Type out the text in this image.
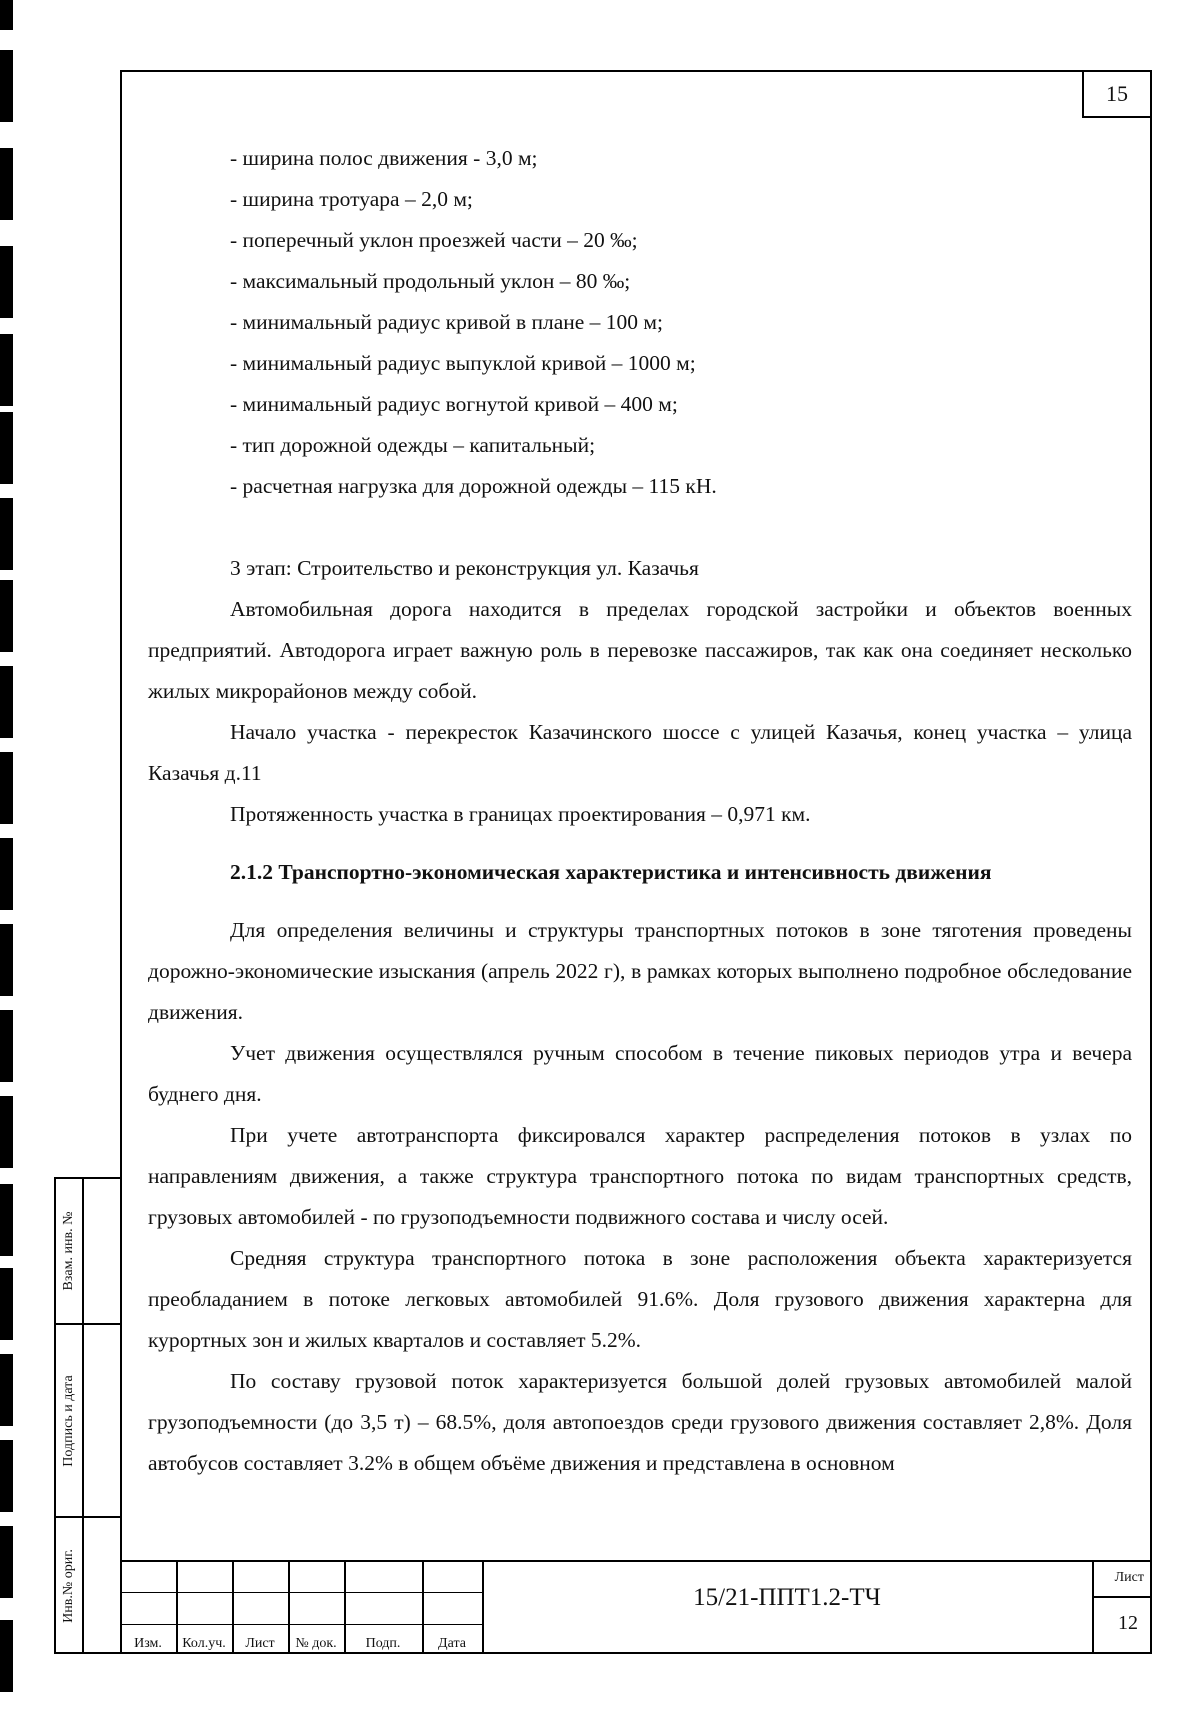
15

- ширина полос движения - 3,0 м;

- ширина тротуара – 2,0 м;

- поперечный уклон проезжей части – 20 ‰;

- максимальный продольный уклон – 80 ‰;

- минимальный радиус кривой в плане – 100 м;

- минимальный радиус выпуклой кривой – 1000 м;

- минимальный радиус вогнутой кривой – 400 м;

- тип дорожной одежды – капитальный;

- расчетная нагрузка для дорожной одежды – 115 кН.

3 этап: Строительство и реконструкция ул. Казачья

Автомобильная дорога находится в пределах городской застройки и объектов военных предприятий. Автодорога играет важную роль в перевозке пассажиров, так как она соединяет несколько жилых микрорайонов между собой.

Начало участка - перекресток Казачинского шоссе с улицей Казачья, конец участка – улица Казачья д.11

Протяженность участка в границах проектирования – 0,971 км.

2.1.2 Транспортно-экономическая характеристика и интенсивность движения

Для определения величины и структуры транспортных потоков в зоне тяготения проведены дорожно-экономические изыскания (апрель 2022 г), в рамках которых выполнено подробное обследование движения.

Учет движения осуществлялся ручным способом в течение пиковых периодов утра и вечера буднего дня.

При учете автотранспорта фиксировался характер распределения потоков в узлах по направлениям движения, а также структура транспортного потока по видам транспортных средств, грузовых автомобилей - по грузоподъемности подвижного состава и числу осей.

Средняя структура транспортного потока в зоне расположения объекта характеризуется преобладанием в потоке легковых автомобилей 91.6%. Доля грузового движения характерна для курортных зон и жилых кварталов и составляет 5.2%.

По составу грузовой поток характеризуется большой долей грузовых автомобилей малой грузоподъемности (до 3,5 т) – 68.5%, доля автопоездов среди грузового движения составляет 2,8%. Доля автобусов составляет 3.2% в общем объёме движения и представлена в основном

Взам. инв. №
Подпись и дата
Инв.№ ориг.
Изм.	Кол.уч.	Лист	№ док.	Подп.	Дата
15/21-ППТ1.2-ТЧ
Лист
12
